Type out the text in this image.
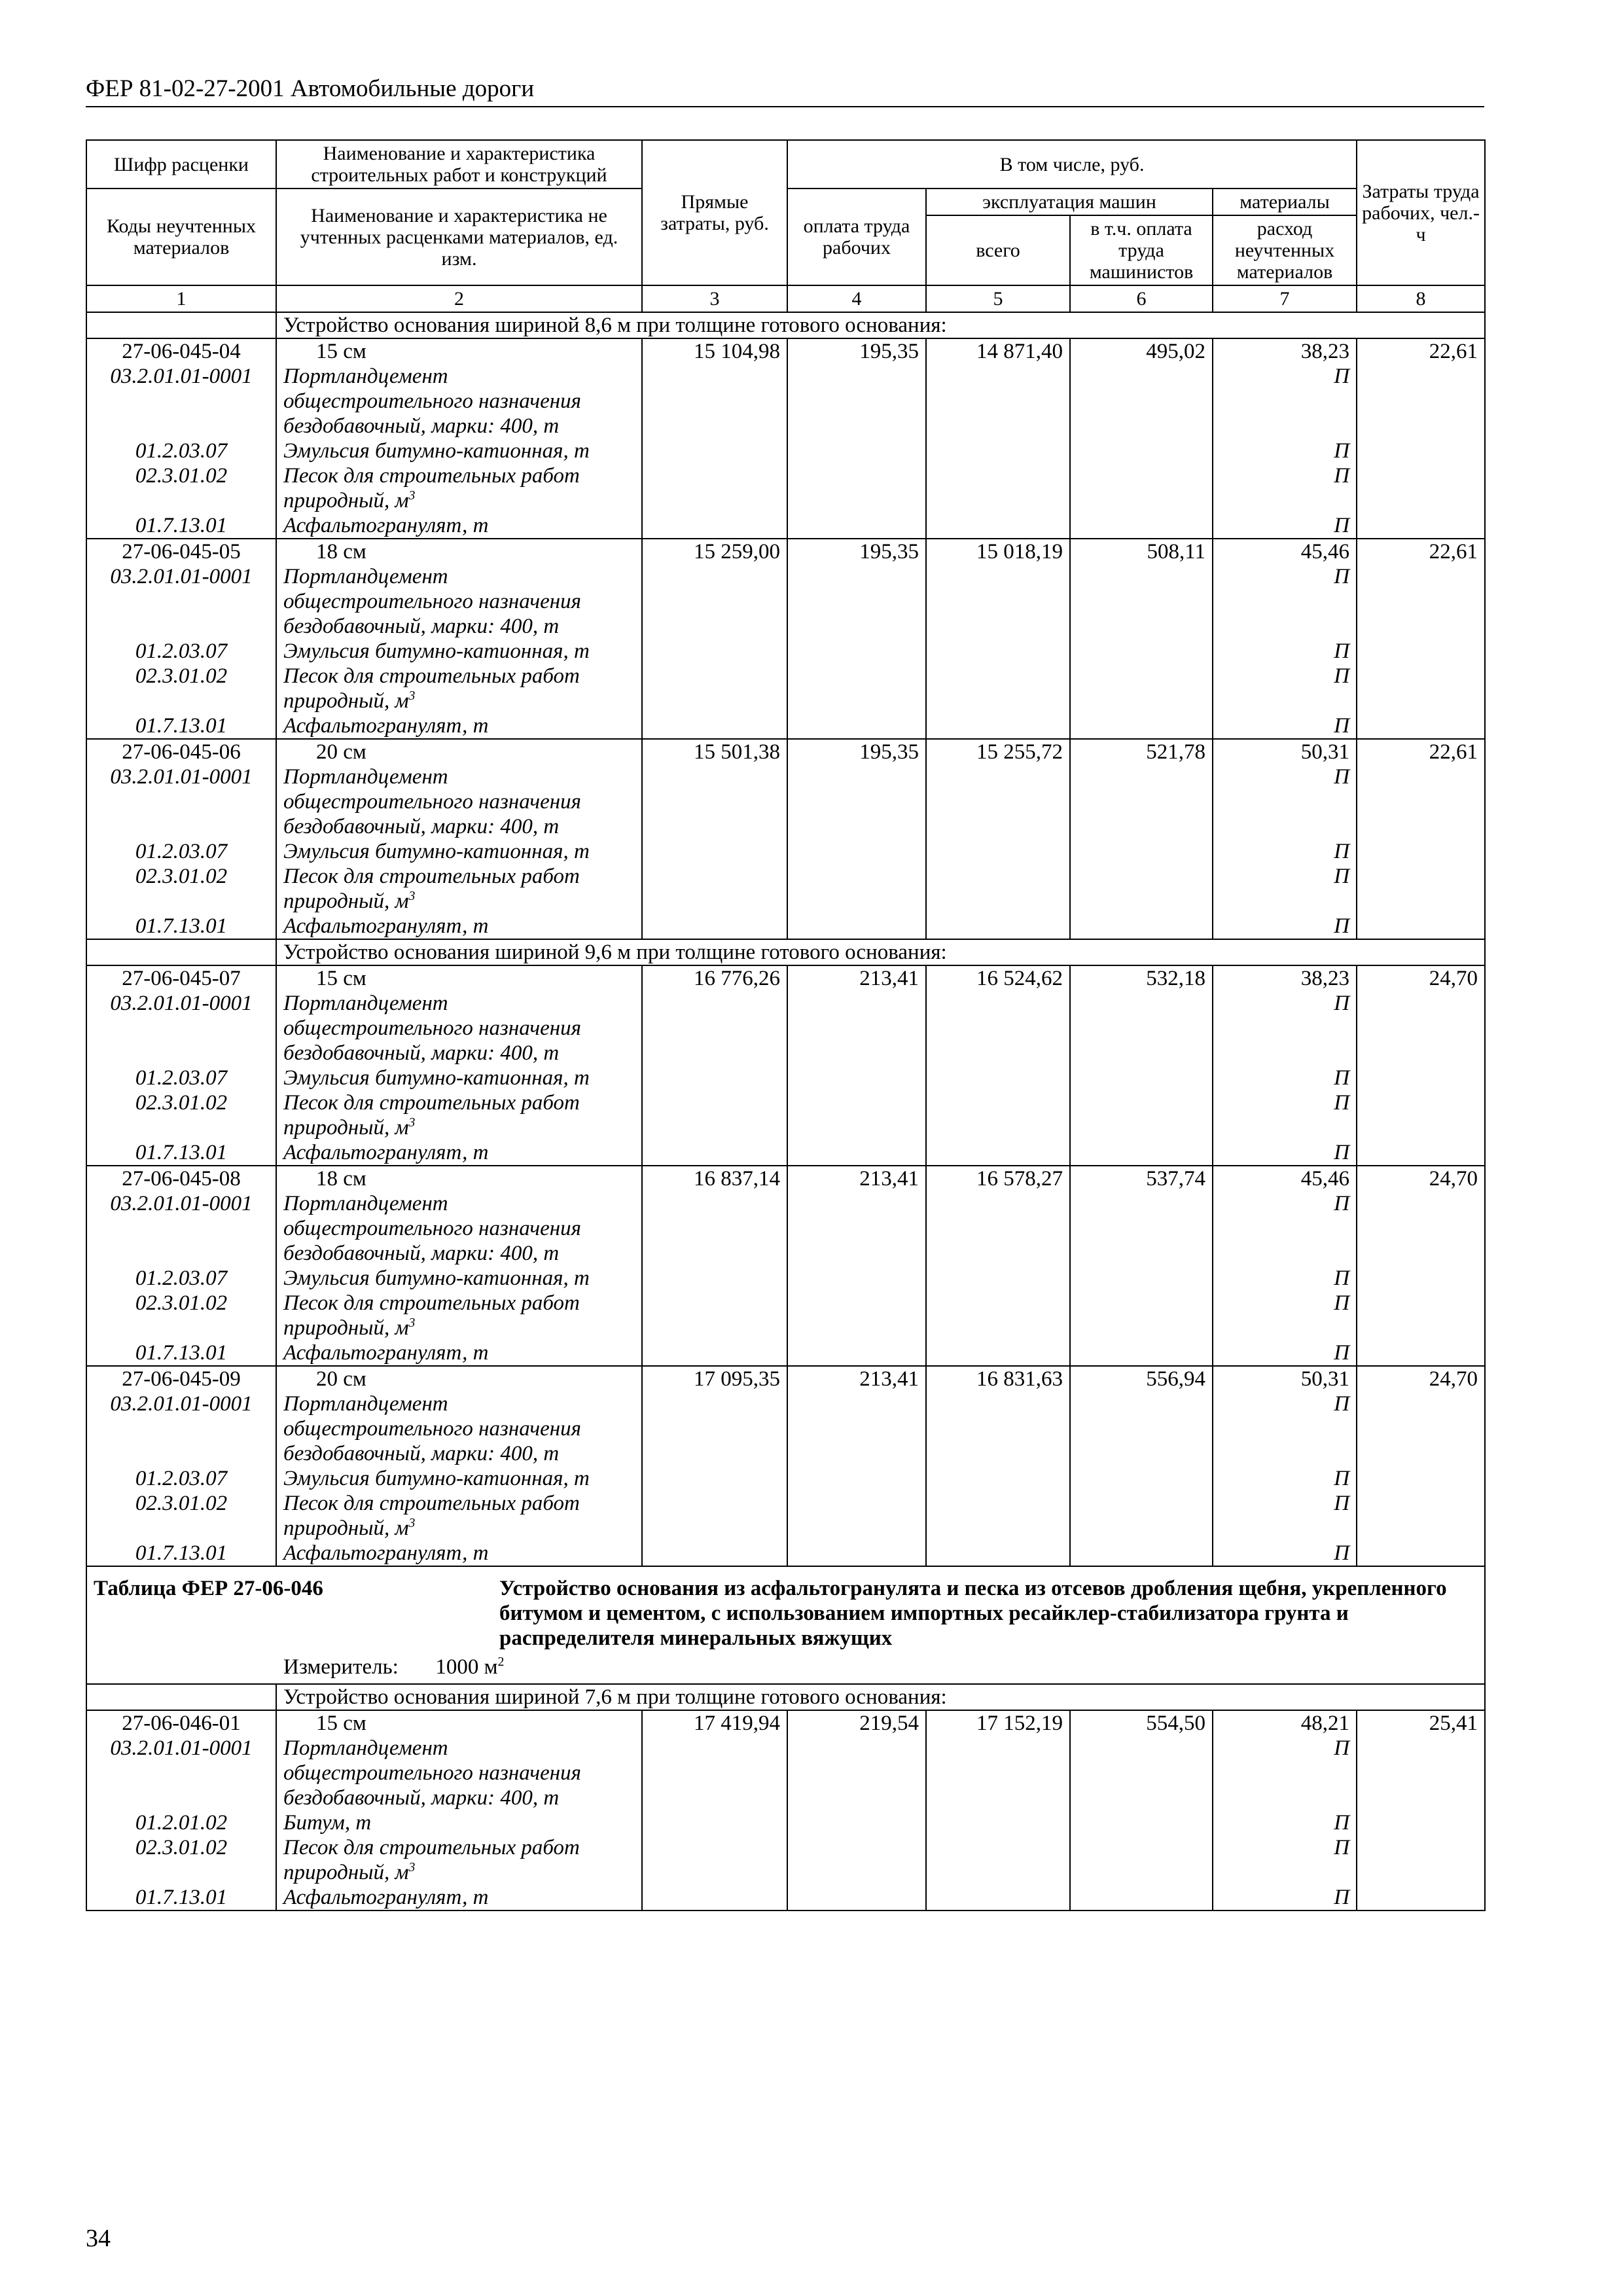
ФЕР 81-02-27-2001 Автомобильные дороги
Шифр расценки	Наименование и характеристика строительных работ и конструкций	Прямые затраты, руб.	В том числе, руб.				Затраты труда рабочих, чел.-ч
Коды неучтенных материалов	Наименование и характеристика не учтенных расценками материалов, ед. изм.		оплата труда рабочих	эксплуатация машин		материалы	
				всего	в т.ч. оплата труда машинистов	расход неучтенных материалов	
1	2	3	4	5	6	7	8
	Устройство основания шириной 8,6 м при толщине готового основания:						
27-06-045-04	15 см	15 104,98	195,35	14 871,40	495,02	38,23	22,61
03.2.01.01-0001	Портландцемент
общестроительного назначения
бездобавочный, марки: 400, т					П	
01.2.03.07	Эмульсия битумно-катионная, т					П	
02.3.01.02	Песок для строительных работ
природный, $м^3$					П	
01.7.13.01	Асфальтогранулят, т					П	
27-06-045-05	18 см	15 259,00	195,35	15 018,19	508,11	45,46	22,61
03.2.01.01-0001	Портландцемент
общестроительного назначения
бездобавочный, марки: 400, т					П	
01.2.03.07	Эмульсия битумно-катионная, т					П	
02.3.01.02	Песок для строительных работ
природный, $м^3$					П	
01.7.13.01	Асфальтогранулят, т					П	
27-06-045-06	20 см	15 501,38	195,35	15 255,72	521,78	50,31	22,61
03.2.01.01-0001	Портландцемент
общестроительного назначения
бездобавочный, марки: 400, т					П	
01.2.03.07	Эмульсия битумно-катионная, т					П	
02.3.01.02	Песок для строительных работ
природный, $м^3$					П	
01.7.13.01	Асфальтогранулят, т					П	
	Устройство основания шириной 9,6 м при толщине готового основания:						
27-06-045-07	15 см	16 776,26	213,41	16 524,62	532,18	38,23	24,70
03.2.01.01-0001	Портландцемент
общестроительного назначения
бездобавочный, марки: 400, т					П	
01.2.03.07	Эмульсия битумно-катионная, т					П	
02.3.01.02	Песок для строительных работ
природный, $м^3$					П	
01.7.13.01	Асфальтогранулят, т					П	
27-06-045-08	18 см	16 837,14	213,41	16 578,27	537,74	45,46	24,70
03.2.01.01-0001	Портландцемент
общестроительного назначения
бездобавочный, марки: 400, т					П	
01.2.03.07	Эмульсия битумно-катионная, т					П	
02.3.01.02	Песок для строительных работ
природный, $м^3$					П	
01.7.13.01	Асфальтогранулят, т					П	
27-06-045-09	20 см	17 095,35	213,41	16 831,63	556,94	50,31	24,70
03.2.01.01-0001	Портландцемент
общестроительного назначения
бездобавочный, марки: 400, т					П	
01.2.03.07	Эмульсия битумно-катионная, т					П	
02.3.01.02	Песок для строительных работ
природный, $м^3$					П	
01.7.13.01	Асфальтогранулят, т					П	

Таблица ФЕР 27-06-046 Устройство основания из асфальтогранулята и песка из отсевов дробления щебня, укрепленного битумом и цементом, с использованием импортных ресайклер-стабилизатора грунта и распределителя минеральных вяжущих
Измеритель: 1000 $м^2$

	Устройство основания шириной 7,6 м при толщине готового основания:						
27-06-046-01	15 см	17 419,94	219,54	17 152,19	554,50	48,21	25,41
03.2.01.01-0001	Портландцемент
общестроительного назначения
бездобавочный, марки: 400, т					П	
01.2.01.02	Битум, т					П	
02.3.01.02	Песок для строительных работ
природный, $м^3$					П	
01.7.13.01	Асфальтогранулят, т					П	

34
